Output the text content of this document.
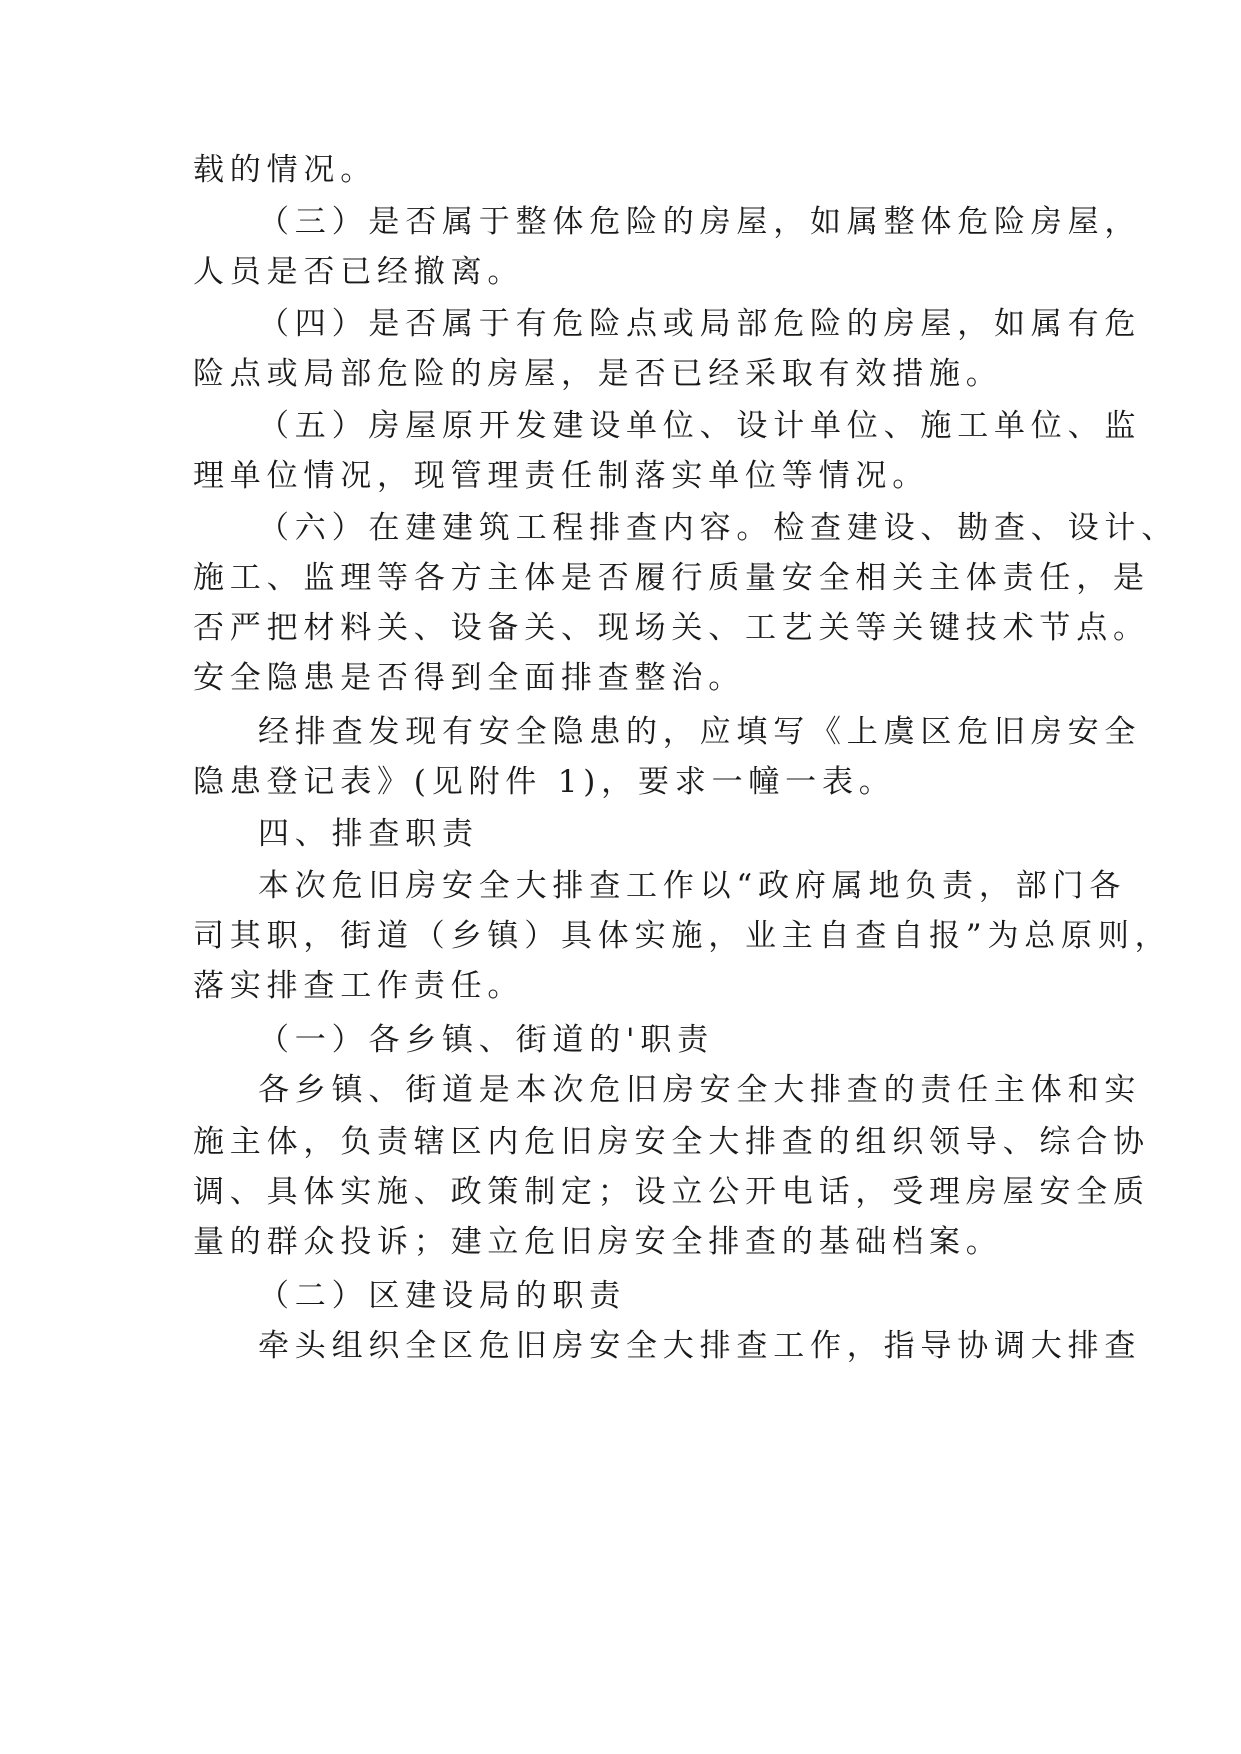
载的情况。
（三）是否属于整体危险的房屋，如属整体危险房屋，
人员是否已经撤离。
（四）是否属于有危险点或局部危险的房屋，如属有危
险点或局部危险的房屋，是否已经采取有效措施。
（五）房屋原开发建设单位、设计单位、施工单位、监
理单位情况，现管理责任制落实单位等情况。
（六）在建建筑工程排查内容。检查建设、勘查、设计、
施工、监理等各方主体是否履行质量安全相关主体责任，是
否严把材料关、设备关、现场关、工艺关等关键技术节点。
安全隐患是否得到全面排查整治。
经排查发现有安全隐患的，应填写《上虞区危旧房安全
隐患登记表》(见附件 1)，要求一幢一表。
四、排查职责
本次危旧房安全大排查工作以“政府属地负责，部门各
司其职，街道（乡镇）具体实施，业主自查自报”为总原则，
落实排查工作责任。
（一）各乡镇、街道的'职责
各乡镇、街道是本次危旧房安全大排查的责任主体和实
施主体，负责辖区内危旧房安全大排查的组织领导、综合协
调、具体实施、政策制定；设立公开电话，受理房屋安全质
量的群众投诉；建立危旧房安全排查的基础档案。
（二）区建设局的职责
牵头组织全区危旧房安全大排查工作，指导协调大排查
